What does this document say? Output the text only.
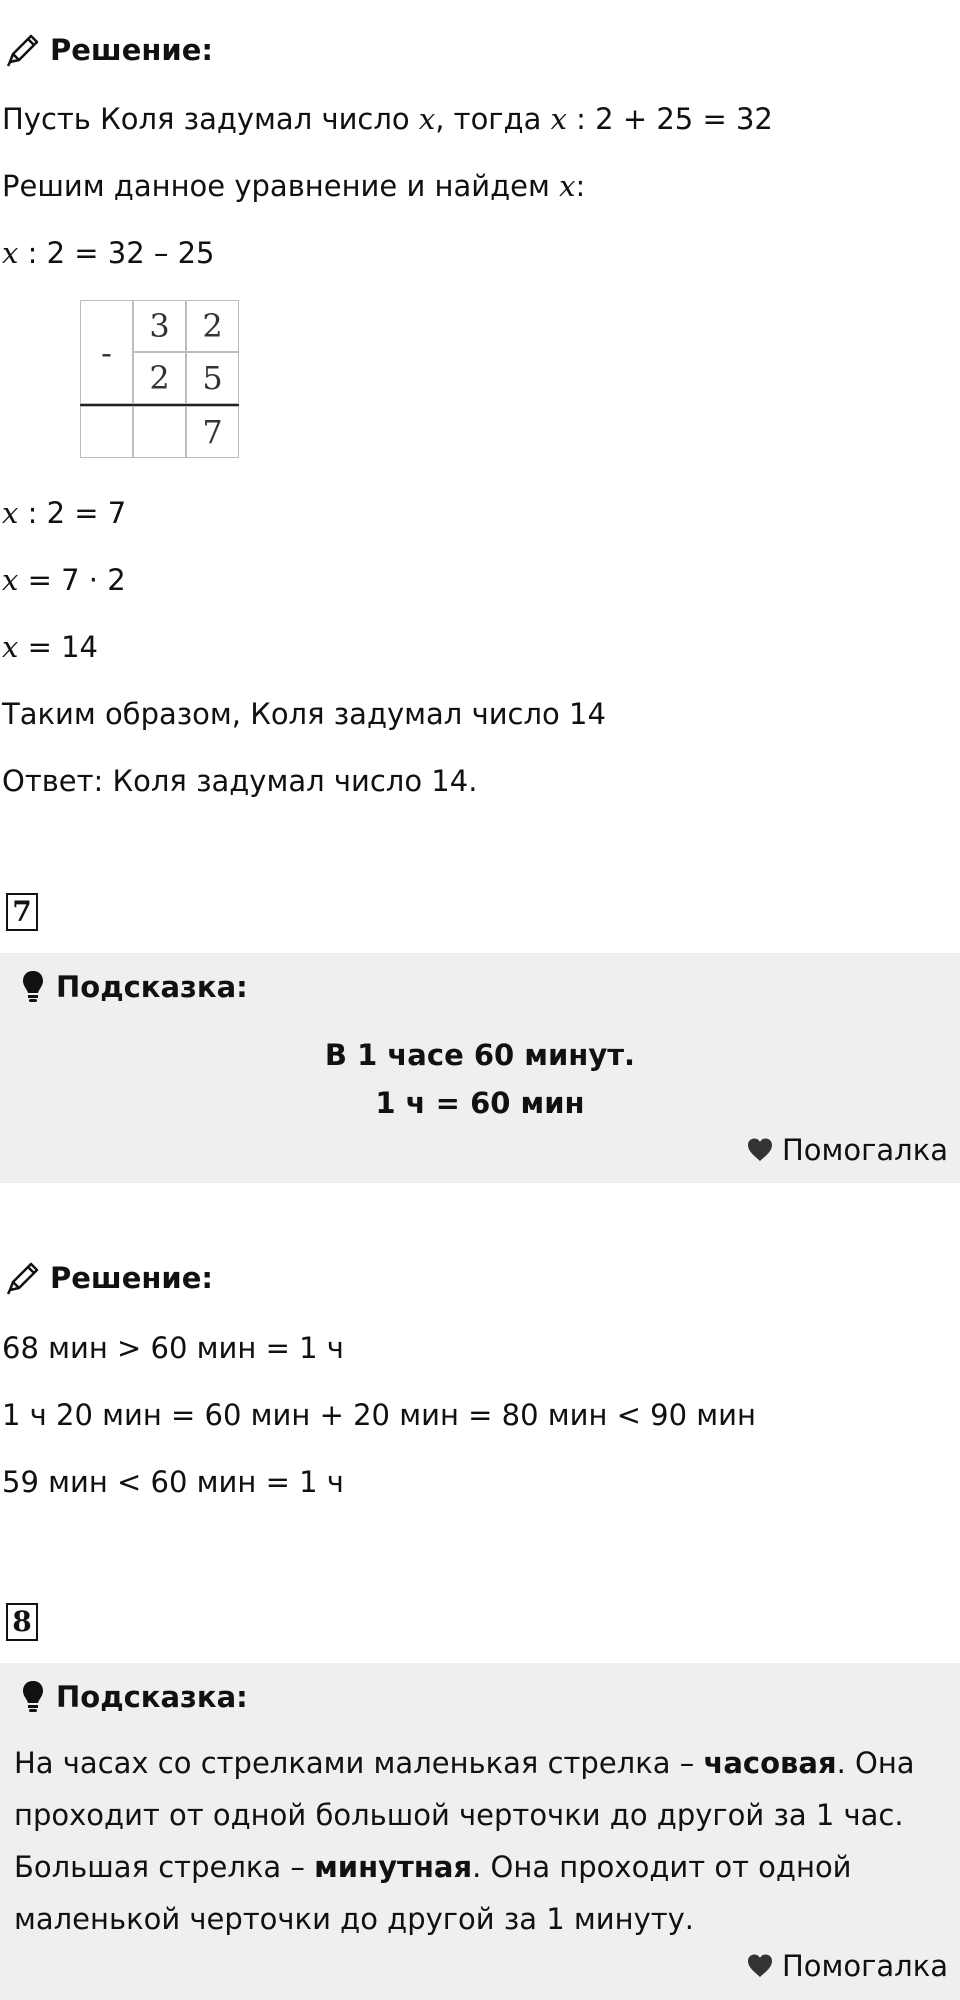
Решение:
Пусть Коля задумал число x, тогда x : 2 + 25 = 32
Решим данное уравнение и найдем x:
x : 2 = 32 – 25
-
3	2
2	5
7
x : 2 = 7
x = 7 · 2
x = 14
Таким образом, Коля задумал число 14
Ответ: Коля задумал число 14.
7
Подсказка:
В 1 часе 60 минут.
1 ч = 60 мин
Помогалка
Решение:
68 мин > 60 мин = 1 ч
1 ч 20 мин = 60 мин + 20 мин = 80 мин < 90 мин
59 мин < 60 мин = 1 ч
8
Подсказка:
На часах со стрелками маленькая стрелка – часовая. Она проходит от одной большой черточки до другой за 1 час. Большая стрелка – минутная. Она проходит от одной маленькой черточки до другой за 1 минуту.
Помогалка
